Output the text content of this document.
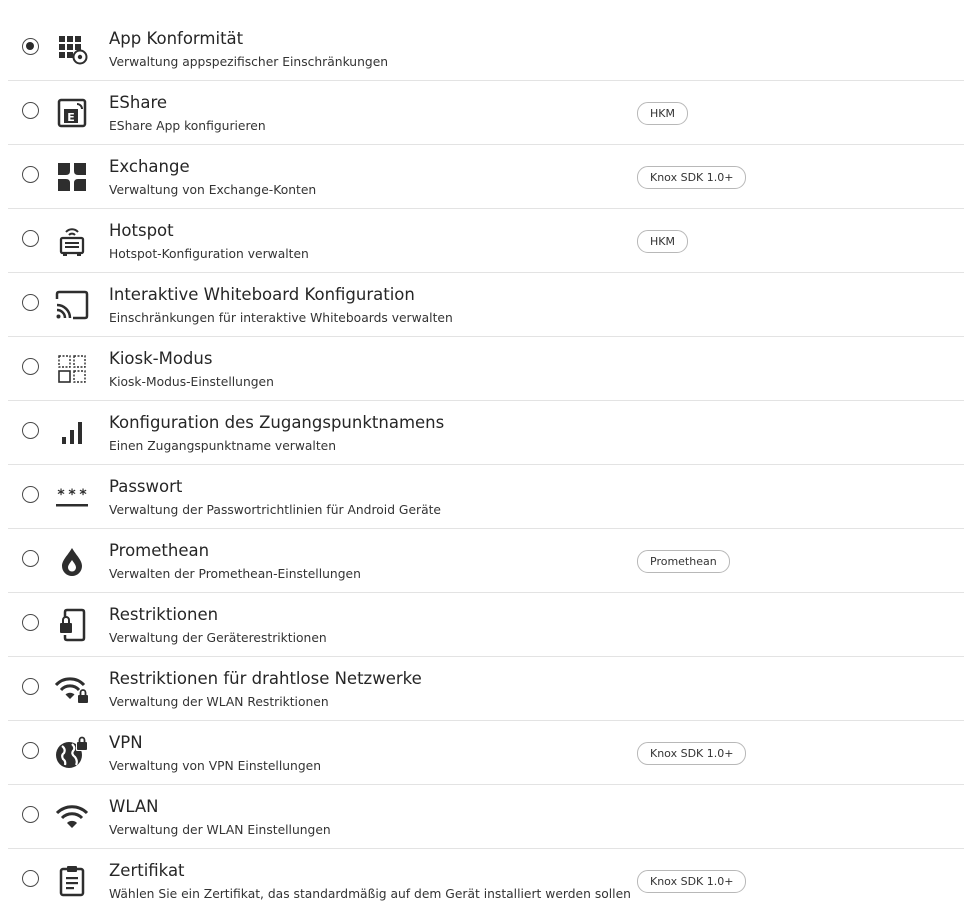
App Konformität
Verwaltung appspezifischer Einschränkungen
E
EShare
EShare App konfigurieren
HKM
Exchange
Verwaltung von Exchange-Konten
Knox SDK 1.0+
Hotspot
Hotspot-Konfiguration verwalten
HKM
Interaktive Whiteboard Konfiguration
Einschränkungen für interaktive Whiteboards verwalten
Kiosk-Modus
Kiosk-Modus-Einstellungen
Konfiguration des Zugangspunktnamens
Einen Zugangspunktname verwalten
* * * Passwort
Verwaltung der Passwortrichtlinien für Android Geräte
Promethean
Verwalten der Promethean-Einstellungen
Promethean
Restriktionen
Verwaltung der Geräterestriktionen
Restriktionen für drahtlose Netzwerke
Verwaltung der WLAN Restriktionen
VPN
Verwaltung von VPN Einstellungen
Knox SDK 1.0+
WLAN
Verwaltung der WLAN Einstellungen
Zertifikat
Wählen Sie ein Zertifikat, das standardmäßig auf dem Gerät installiert werden sollen
Knox SDK 1.0+
